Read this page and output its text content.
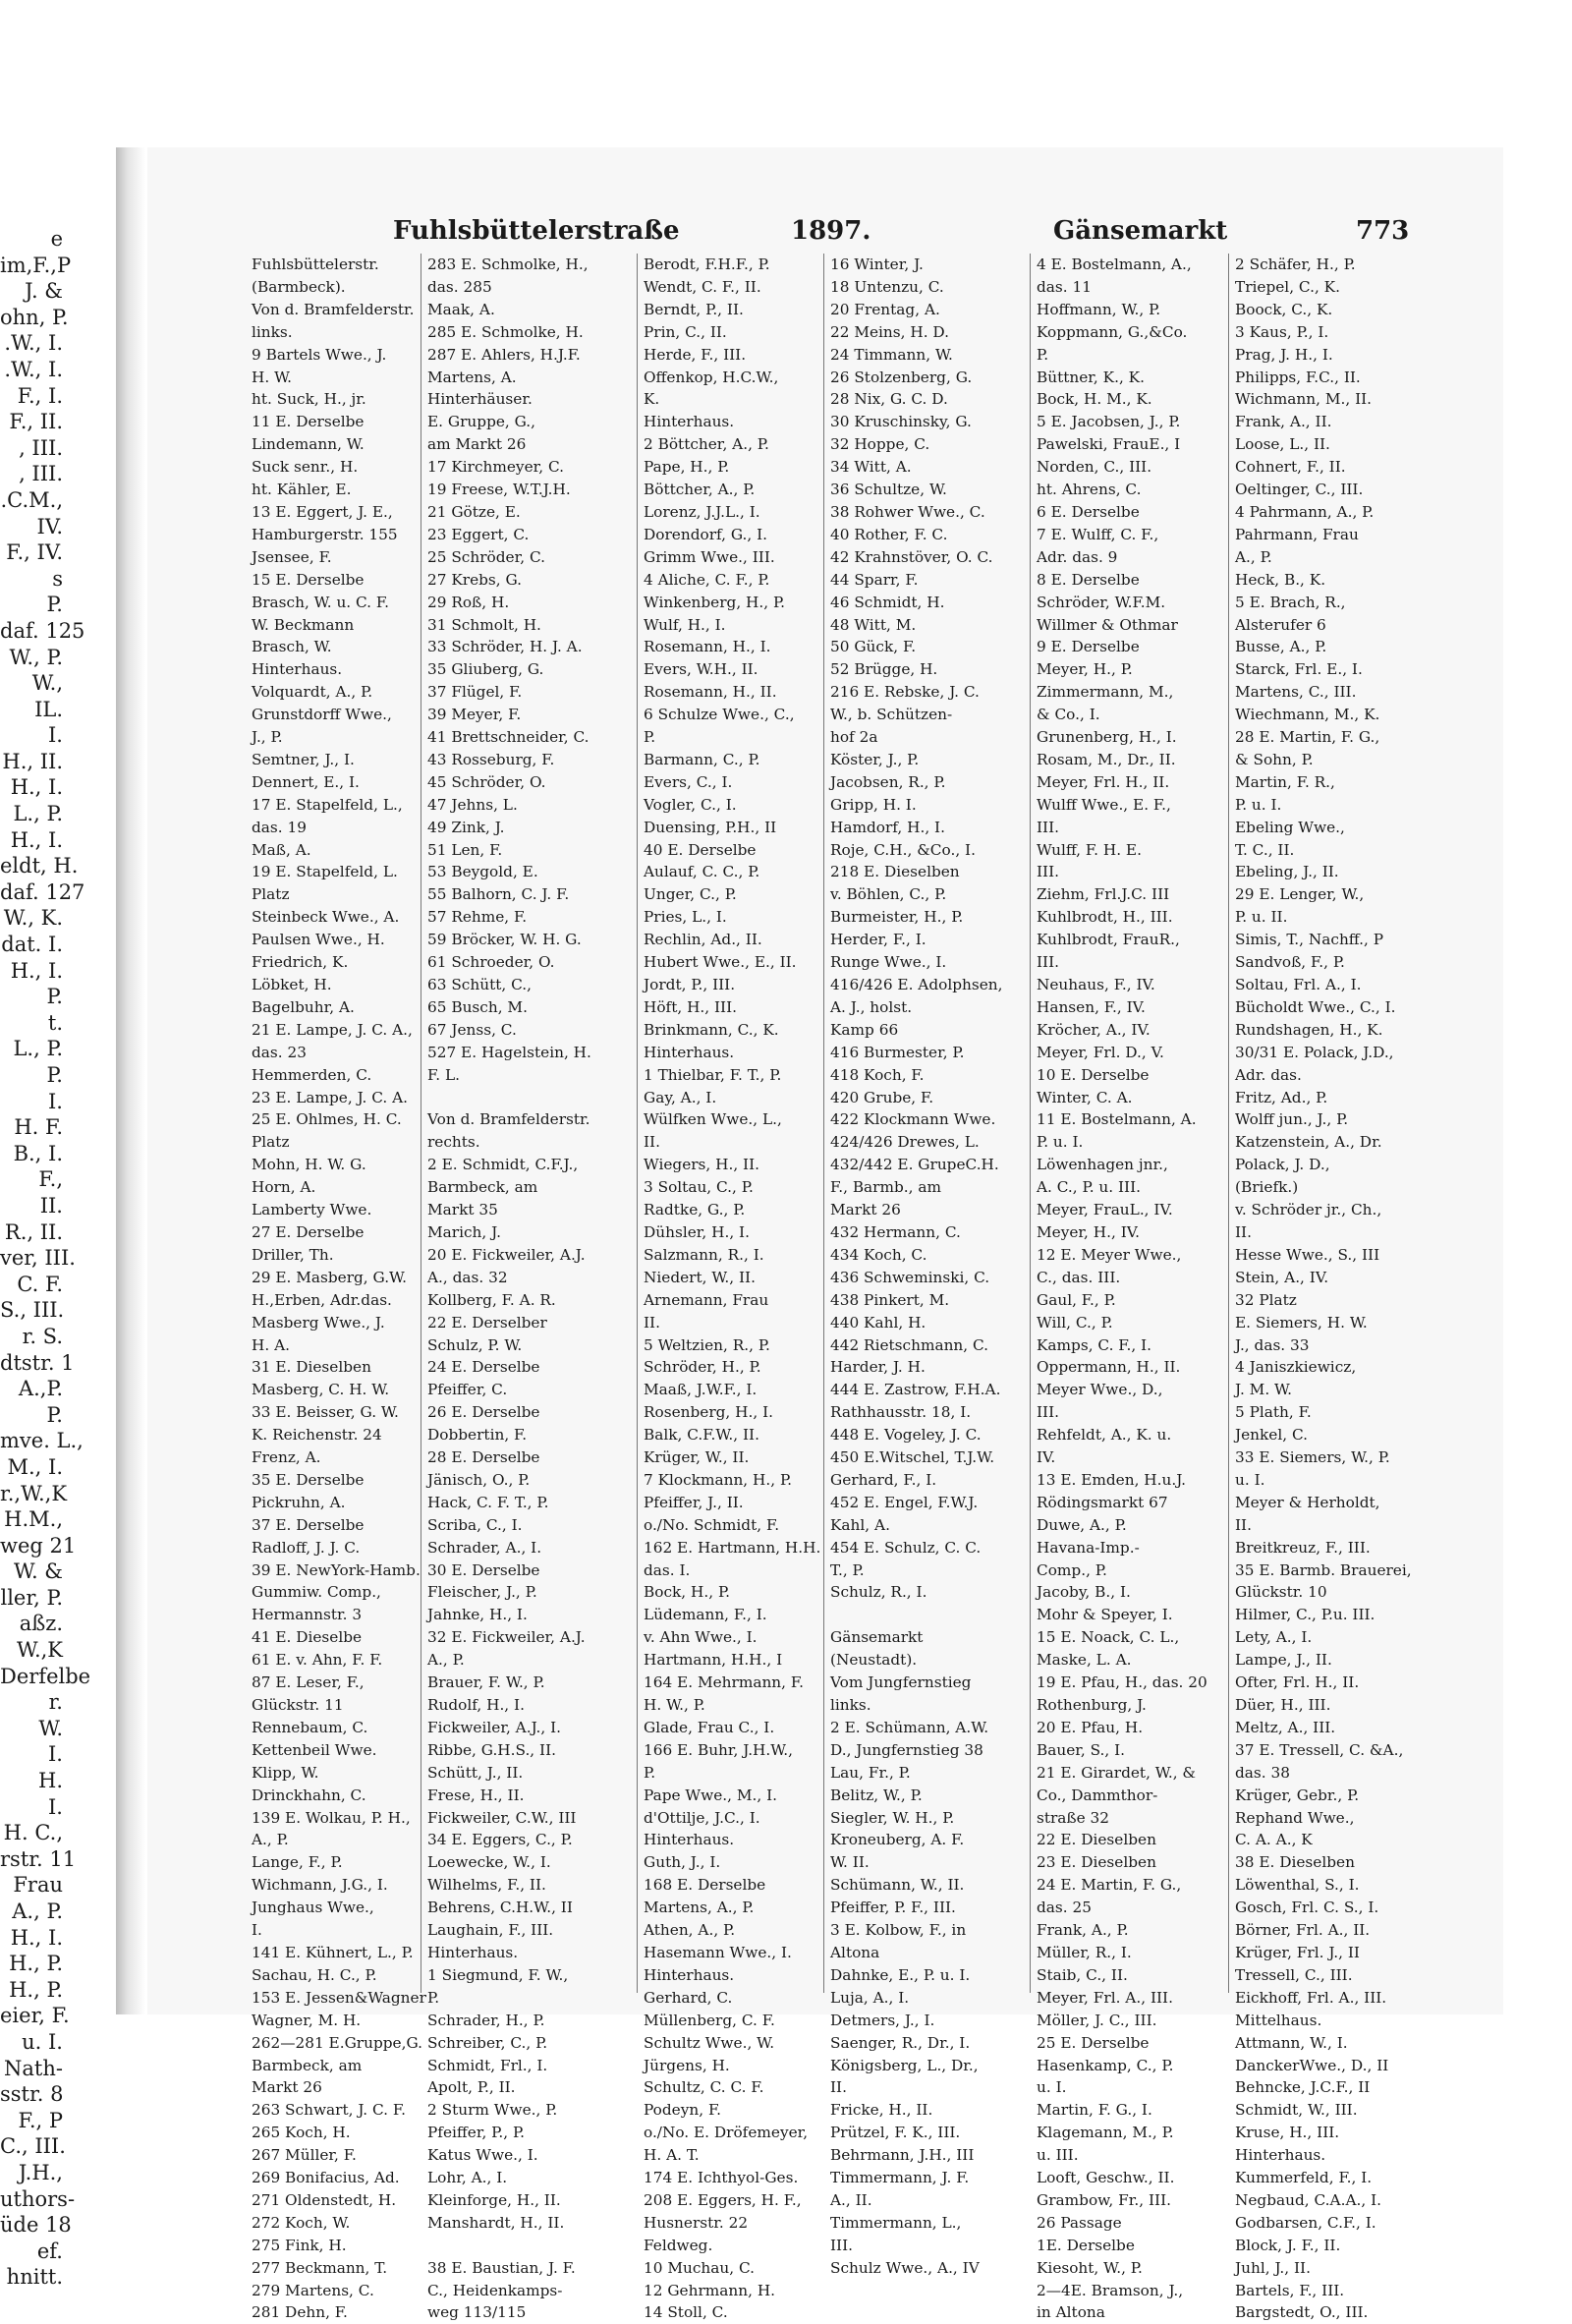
e
im,F.,P
J. &
ohn, P.
.W., I.
.W., I.
F., I.
F., II.
, III.
, III.
.C.M.,
IV.
F., IV.
s
P.
daf. 125
W., P.
W.,
IL.
I.
H., II.
H., I.
L., P.
H., I.
eldt, H.
daf. 127
W., K.
dat. I.
H., I.
P.
t.
L., P.
P.
I.
H. F.
B., I.
F.,
II.
R., II.
ver, III.
C. F.
S., III.
r. S.
dtstr. 1
A.,P.
P.
mve. L.,
M., I.
r.,W.,K
H.M.,
weg 21
W. &
ller, P.
aßz.
W.,K
Derfelbe
r.
W.
I.
H.
I.
H. C.,
rstr. 11
Frau
A., P.
H., I.
H., P.
H., P.
eier, F.
u. I.
Nath-
sstr. 8
F., P
C., III.
J.H.,
uthors-
üde 18
ef.
hnitt.
Fuhlsbüttelerstraße	1897.	Gänsemarkt	773
Fuhlsbüttelerstr.
(Barmbeck).
Von d. Bramfelderstr.
links.
9 Bartels Wwe., J.
H. W.
ht. Suck, H., jr.
11 E. Derselbe
Lindemann, W.
Suck senr., H.
ht. Kähler, E.
13 E. Eggert, J. E.,
Hamburgerstr. 155
Jsensee, F.
15 E. Derselbe
Brasch, W. u. C. F.
W. Beckmann
Brasch, W.
Hinterhaus.
Volquardt, A., P.
Grunstdorff Wwe.,
J., P.
Semtner, J., I.
Dennert, E., I.
17 E. Stapelfeld, L.,
das. 19
Maß, A.
19 E. Stapelfeld, L.
Platz
Steinbeck Wwe., A.
Paulsen Wwe., H.
Friedrich, K.
Löbket, H.
Bagelbuhr, A.
21 E. Lampe, J. C. A.,
das. 23
Hemmerden, C.
23 E. Lampe, J. C. A.
25 E. Ohlmes, H. C.
Platz
Mohn, H. W. G.
Horn, A.
Lamberty Wwe.
27 E. Derselbe
Driller, Th.
29 E. Masberg, G.W.
H.,Erben, Adr.das.
Masberg Wwe., J.
H. A.
31 E. Dieselben
Masberg, C. H. W.
33 E. Beisser, G. W.
K. Reichenstr. 24
Frenz, A.
35 E. Derselbe
Pickruhn, A.
37 E. Derselbe
Radloff, J. J. C.
39 E. NewYork-Hamb.
Gummiw. Comp.,
Hermannstr. 3
41 E. Dieselbe
61 E. v. Ahn, F. F.
87 E. Leser, F.,
Glückstr. 11
Rennebaum, C.
Kettenbeil Wwe.
Klipp, W.
Drinckhahn, C.
139 E. Wolkau, P. H.,
A., P.
Lange, F., P.
Wichmann, J.G., I.
Junghaus Wwe.,
I.
141 E. Kühnert, L., P.
Sachau, H. C., P.
153 E. Jessen&Wagner
Wagner, M. H.
262—281 E.Gruppe,G.
Barmbeck, am
Markt 26
263 Schwart, J. C. F.
265 Koch, H.
267 Müller, F.
269 Bonifacius, Ad.
271 Oldenstedt, H.
272 Koch, W.
275 Fink, H.
277 Beckmann, T.
279 Martens, C.
281 Dehn, F.
283 E. Schmolke, H.,
das. 285
Maak, A.
285 E. Schmolke, H.
287 E. Ahlers, H.J.F.
Martens, A.
Hinterhäuser.
E. Gruppe, G.,
am Markt 26
17 Kirchmeyer, C.
19 Freese, W.T.J.H.
21 Götze, E.
23 Eggert, C.
25 Schröder, C.
27 Krebs, G.
29 Roß, H.
31 Schmolt, H.
33 Schröder, H. J. A.
35 Gliuberg, G.
37 Flügel, F.
39 Meyer, F.
41 Brettschneider, C.
43 Rosseburg, F.
45 Schröder, O.
47 Jehns, L.
49 Zink, J.
51 Len, F.
53 Beygold, E.
55 Balhorn, C. J. F.
57 Rehme, F.
59 Bröcker, W. H. G.
61 Schroeder, O.
63 Schütt, C.,
65 Busch, M.
67 Jenss, C.
527 E. Hagelstein, H.
F. L.

Von d. Bramfelderstr.
rechts.
2 E. Schmidt, C.F.J.,
Barmbeck, am
Markt 35
Marich, J.
20 E. Fickweiler, A.J.
A., das. 32
Kollberg, F. A. R.
22 E. Derselber
Schulz, P. W.
24 E. Derselbe
Pfeiffer, C.
26 E. Derselbe
Dobbertin, F.
28 E. Derselbe
Jänisch, O., P.
Hack, C. F. T., P.
Scriba, C., I.
Schrader, A., I.
30 E. Derselbe
Fleischer, J., P.
Jahnke, H., I.
32 E. Fickweiler, A.J.
A., P.
Brauer, F. W., P.
Rudolf, H., I.
Fickweiler, A.J., I.
Ribbe, G.H.S., II.
Schütt, J., II.
Frese, H., II.
Fickweiler, C.W., III
34 E. Eggers, C., P.
Loewecke, W., I.
Wilhelms, F., II.
Behrens, C.H.W., II
Laughain, F., III.
Hinterhaus.
1 Siegmund, F. W.,
P.
Schrader, H., P.
Schreiber, C., P.
Schmidt, Frl., I.
Apolt, P., II.
2 Sturm Wwe., P.
Pfeiffer, P., P.
Katus Wwe., I.
Lohr, A., I.
Kleinforge, H., II.
Manshardt, H., II.

38 E. Baustian, J. F.
C., Heidenkamps-
weg 113/115
Berodt, F.H.F., P.
Wendt, C. F., II.
Berndt, P., II.
Prin, C., II.
Herde, F., III.
Offenkop, H.C.W.,
K.
Hinterhaus.
2 Böttcher, A., P.
Pape, H., P.
Böttcher, A., P.
Lorenz, J.J.L., I.
Dorendorf, G., I.
Grimm Wwe., III.
4 Aliche, C. F., P.
Winkenberg, H., P.
Wulf, H., I.
Rosemann, H., I.
Evers, W.H., II.
Rosemann, H., II.
6 Schulze Wwe., C.,
P.
Barmann, C., P.
Evers, C., I.
Vogler, C., I.
Duensing, P.H., II
40 E. Derselbe
Aulauf, C. C., P.
Unger, C., P.
Pries, L., I.
Rechlin, Ad., II.
Hubert Wwe., E., II.
Jordt, P., III.
Höft, H., III.
Brinkmann, C., K.
Hinterhaus.
1 Thielbar, F. T., P.
Gay, A., I.
Wülfken Wwe., L.,
II.
Wiegers, H., II.
3 Soltau, C., P.
Radtke, G., P.
Dühsler, H., I.
Salzmann, R., I.
Niedert, W., II.
Arnemann, Frau
II.
5 Weltzien, R., P.
Schröder, H., P.
Maaß, J.W.F., I.
Rosenberg, H., I.
Balk, C.F.W., II.
Krüger, W., II.
7 Klockmann, H., P.
Pfeiffer, J., II.
o./No. Schmidt, F.
162 E. Hartmann, H.H.
das. I.
Bock, H., P.
Lüdemann, F., I.
v. Ahn Wwe., I.
Hartmann, H.H., I
164 E. Mehrmann, F.
H. W., P.
Glade, Frau C., I.
166 E. Buhr, J.H.W.,
P.
Pape Wwe., M., I.
d'Ottilje, J.C., I.
Hinterhaus.
Guth, J., I.
168 E. Derselbe
Martens, A., P.
Athen, A., P.
Hasemann Wwe., I.
Hinterhaus.
Gerhard, C.
Müllenberg, C. F.
Schultz Wwe., W.
Jürgens, H.
Schultz, C. C. F.
Podeyn, F.
o./No. E. Dröfemeyer,
H. A. T.
174 E. Ichthyol-Ges.
208 E. Eggers, H. F.,
Husnerstr. 22
Feldweg.
10 Muchau, C.
12 Gehrmann, H.
14 Stoll, C.
16 Winter, J.
18 Untenzu, C.
20 Frentag, A.
22 Meins, H. D.
24 Timmann, W.
26 Stolzenberg, G.
28 Nix, G. C. D.
30 Kruschinsky, G.
32 Hoppe, C.
34 Witt, A.
36 Schultze, W.
38 Rohwer Wwe., C.
40 Rother, F. C.
42 Krahnstöver, O. C.
44 Sparr, F.
46 Schmidt, H.
48 Witt, M.
50 Gück, F.
52 Brügge, H.
216 E. Rebske, J. C.
W., b. Schützen-
hof 2a
Köster, J., P.
Jacobsen, R., P.
Gripp, H. I.
Hamdorf, H., I.
Roje, C.H., &Co., I.
218 E. Dieselben
v. Böhlen, C., P.
Burmeister, H., P.
Herder, F., I.
Runge Wwe., I.
416/426 E. Adolphsen,
A. J., holst.
Kamp 66
416 Burmester, P.
418 Koch, F.
420 Grube, F.
422 Klockmann Wwe.
424/426 Drewes, L.
432/442 E. GrupeC.H.
F., Barmb., am
Markt 26
432 Hermann, C.
434 Koch, C.
436 Schweminski, C.
438 Pinkert, M.
440 Kahl, H.
442 Rietschmann, C.
Harder, J. H.
444 E. Zastrow, F.H.A.
Rathhausstr. 18, I.
448 E. Vogeley, J. C.
450 E.Witschel, T.J.W.
Gerhard, F., I.
452 E. Engel, F.W.J.
Kahl, A.
454 E. Schulz, C. C.
T., P.
Schulz, R., I.

Gänsemarkt
(Neustadt).
Vom Jungfernstieg
links.
2 E. Schümann, A.W.
D., Jungfernstieg 38
Lau, Fr., P.
Belitz, W., P.
Siegler, W. H., P.
Kroneuberg, A. F.
W. II.
Schümann, W., II.
Pfeiffer, P. F., III.
3 E. Kolbow, F., in
Altona
Dahnke, E., P. u. I.
Luja, A., I.
Detmers, J., I.
Saenger, R., Dr., I.
Königsberg, L., Dr.,
II.
Fricke, H., II.
Prützel, F. K., III.
Behrmann, J.H., III
Timmermann, J. F.
A., II.
Timmermann, L.,
III.
Schulz Wwe., A., IV
4 E. Bostelmann, A.,
das. 11
Hoffmann, W., P.
Koppmann, G.,&Co.
P.
Büttner, K., K.
Bock, H. M., K.
5 E. Jacobsen, J., P.
Pawelski, FrauE., I
Norden, C., III.
ht. Ahrens, C.
6 E. Derselbe
7 E. Wulff, C. F.,
Adr. das. 9
8 E. Derselbe
Schröder, W.F.M.
Willmer & Othmar
9 E. Derselbe
Meyer, H., P.
Zimmermann, M.,
& Co., I.
Grunenberg, H., I.
Rosam, M., Dr., II.
Meyer, Frl. H., II.
Wulff Wwe., E. F.,
III.
Wulff, F. H. E.
III.
Ziehm, Frl.J.C. III
Kuhlbrodt, H., III.
Kuhlbrodt, FrauR.,
III.
Neuhaus, F., IV.
Hansen, F., IV.
Kröcher, A., IV.
Meyer, Frl. D., V.
10 E. Derselbe
Winter, C. A.
11 E. Bostelmann, A.
P. u. I.
Löwenhagen jnr.,
A. C., P. u. III.
Meyer, FrauL., IV.
Meyer, H., IV.
12 E. Meyer Wwe.,
C., das. III.
Gaul, F., P.
Will, C., P.
Kamps, C. F., I.
Oppermann, H., II.
Meyer Wwe., D.,
III.
Rehfeldt, A., K. u.
IV.
13 E. Emden, H.u.J.
Rödingsmarkt 67
Duwe, A., P.
Havana-Imp.-
Comp., P.
Jacoby, B., I.
Mohr & Speyer, I.
15 E. Noack, C. L.,
Maske, L. A.
19 E. Pfau, H., das. 20
Rothenburg, J.
20 E. Pfau, H.
Bauer, S., I.
21 E. Girardet, W., &
Co., Dammthor-
straße 32
22 E. Dieselben
23 E. Dieselben
24 E. Martin, F. G.,
das. 25
Frank, A., P.
Müller, R., I.
Staib, C., II.
Meyer, Frl. A., III.
Möller, J. C., III.
25 E. Derselbe
Hasenkamp, C., P.
u. I.
Martin, F. G., I.
Klagemann, M., P.
u. III.
Looft, Geschw., II.
Grambow, Fr., III.
26 Passage
1E. Derselbe
Kiesoht, W., P.
2—4E. Bramson, J.,
in Altona
2 Schäfer, H., P.
Triepel, C., K.
Boock, C., K.
3 Kaus, P., I.
Prag, J. H., I.
Philipps, F.C., II.
Wichmann, M., II.
Frank, A., II.
Loose, L., II.
Cohnert, F., II.
Oeltinger, C., III.
4 Pahrmann, A., P.
Pahrmann, Frau
A., P.
Heck, B., K.
5 E. Brach, R.,
Alsterufer 6
Busse, A., P.
Starck, Frl. E., I.
Martens, C., III.
Wiechmann, M., K.
28 E. Martin, F. G.,
& Sohn, P.
Martin, F. R.,
P. u. I.
Ebeling Wwe.,
T. C., II.
Ebeling, J., II.
29 E. Lenger, W.,
P. u. II.
Simis, T., Nachff., P
Sandvoß, F., P.
Soltau, Frl. A., I.
Bücholdt Wwe., C., I.
Rundshagen, H., K.
30/31 E. Polack, J.D.,
Adr. das.
Fritz, Ad., P.
Wolff jun., J., P.
Katzenstein, A., Dr.
Polack, J. D.,
(Briefk.)
v. Schröder jr., Ch.,
II.
Hesse Wwe., S., III
Stein, A., IV.
32 Platz
E. Siemers, H. W.
J., das. 33
4 Janiszkiewicz,
J. M. W.
5 Plath, F.
Jenkel, C.
33 E. Siemers, W., P.
u. I.
Meyer & Herholdt,
II.
Breitkreuz, F., III.
35 E. Barmb. Brauerei,
Glückstr. 10
Hilmer, C., P.u. III.
Lety, A., I.
Lampe, J., II.
Ofter, Frl. H., II.
Düer, H., III.
Meltz, A., III.
37 E. Tressell, C. &A.,
das. 38
Krüger, Gebr., P.
Rephand Wwe.,
C. A. A., K
38 E. Dieselben
Löwenthal, S., I.
Gosch, Frl. C. S., I.
Börner, Frl. A., II.
Krüger, Frl. J., II
Tressell, C., III.
Eickhoff, Frl. A., III.
Mittelhaus.
Attmann, W., I.
DanckerWwe., D., II
Behncke, J.C.F., II
Schmidt, W., III.
Kruse, H., III.
Hinterhaus.
Kummerfeld, F., I.
Negbaud, C.A.A., I.
Godbarsen, C.F., I.
Block, J. F., II.
Juhl, J., II.
Bartels, F., III.
Bargstedt, O., III.
